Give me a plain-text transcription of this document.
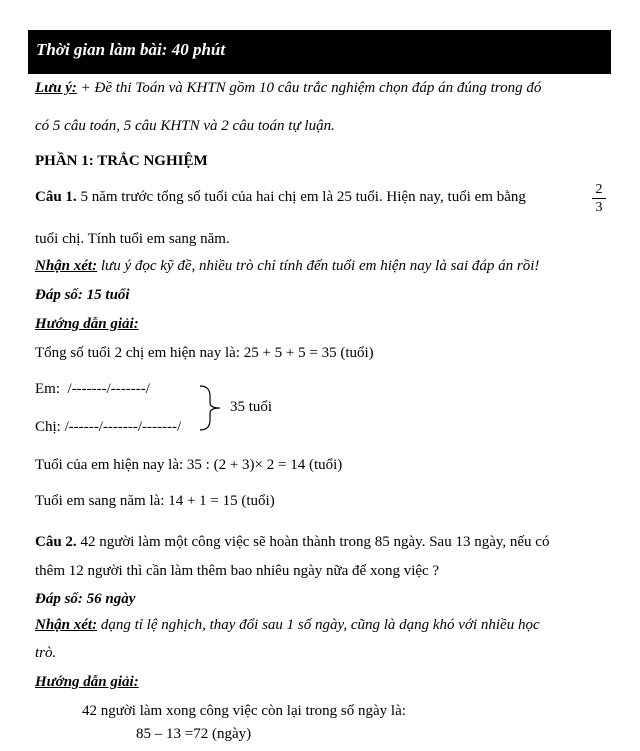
Thời gian làm bài: 40 phút
Lưu ý: + Đề thi Toán và KHTN gồm 10 câu trắc nghiệm chọn đáp án đúng trong đó
có 5 câu toán, 5 câu KHTN và 2 câu toán tự luận.
PHẦN 1: TRẮC NGHIỆM
Câu 1. 5 năm trước tổng số tuổi của hai chị em là 25 tuổi. Hiện nay, tuổi em bằng	$\frac{2}{3}$
tuổi chị. Tính tuổi em sang năm.
Nhận xét: lưu ý đọc kỹ đề, nhiều trò chỉ tính đến tuổi em hiện nay là sai đáp án rồi!
Đáp số: 15 tuổi
Hướng dẫn giải:
Tổng số tuổi 2 chị em hiện nay là: 25 + 5 + 5 = 35 (tuổi)
Em: /-------/-------/
Chị: /------/-------/-------/
35 tuổi
Tuổi của em hiện nay là: 35 : (2 + 3)× 2 = 14 (tuổi)
Tuổi em sang năm là: 14 + 1 = 15 (tuổi)
Câu 2. 42 người làm một công việc sẽ hoàn thành trong 85 ngày. Sau 13 ngày, nếu có
thêm 12 người thì cần làm thêm bao nhiêu ngày nữa để xong việc ?
Đáp số: 56 ngày
Nhận xét: dạng tỉ lệ nghịch, thay đổi sau 1 số ngày, cũng là dạng khó với nhiều học
trò.
Hướng dẫn giải:
42 người làm xong công việc còn lại trong số ngày là:
85 – 13 =72 (ngày)
